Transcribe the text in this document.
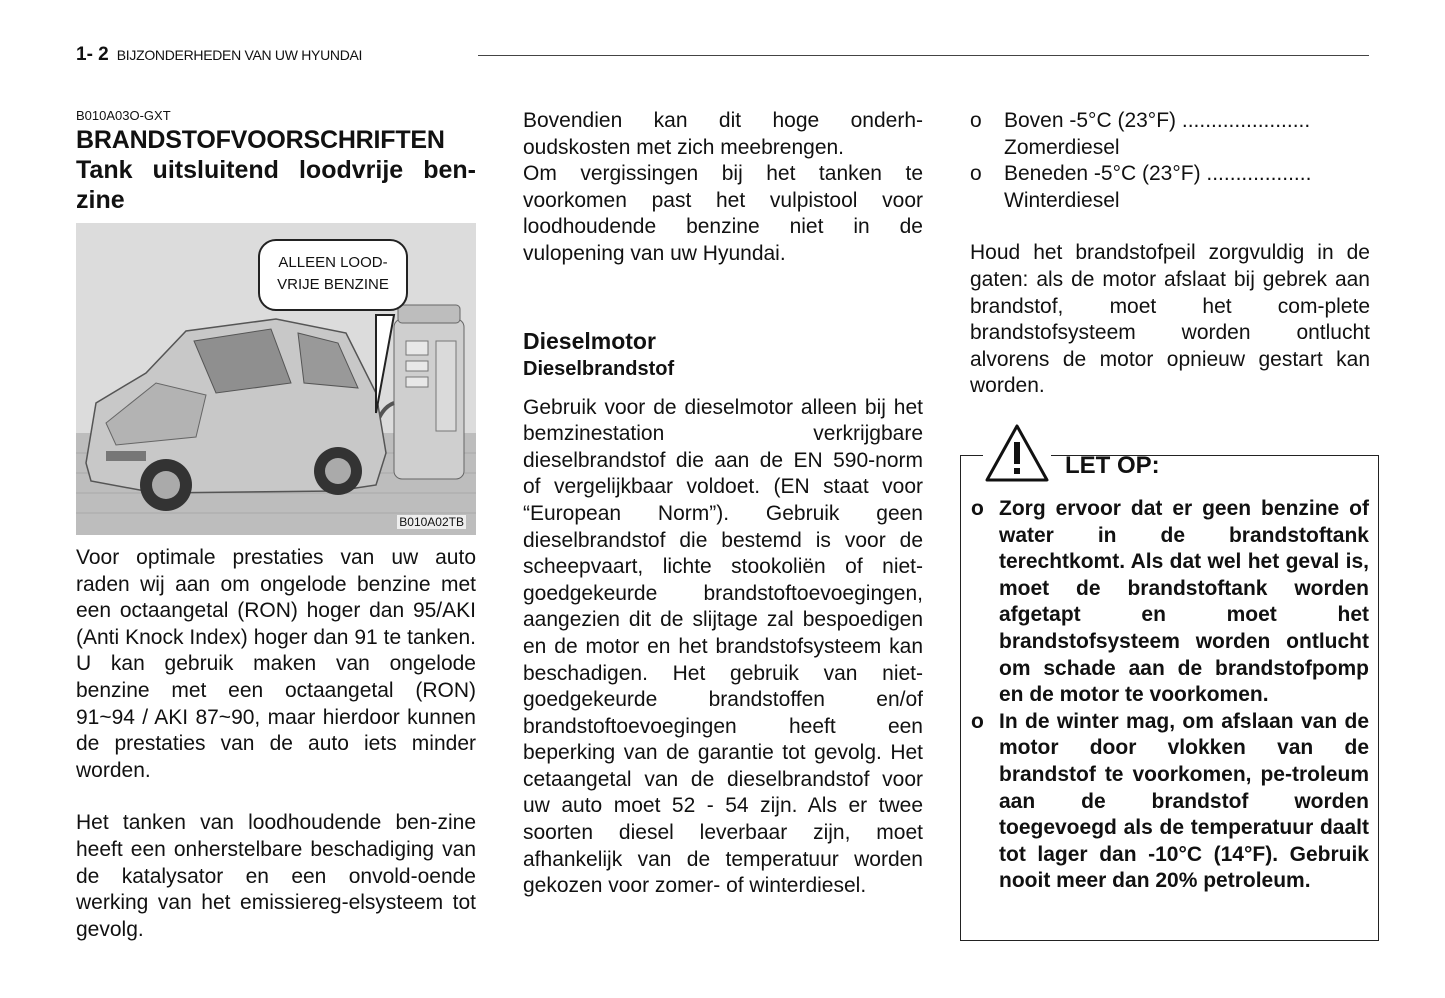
1- 2 BIJZONDERHEDEN VAN UW HYUNDAI
B010A03O-GXT
BRANDSTOFVOORSCHRIFTEN
Tank uitsluitend loodvrije ben-zine
ALLEEN LOOD-
VRIJE BENZINE
B010A02TB

Voor optimale prestaties van uw auto raden wij aan om ongelode benzine met een octaangetal (RON) hoger dan 95/AKI (Anti Knock Index) hoger dan 91 te tanken. U kan gebruik maken van ongelode benzine met een octaangetal (RON) 91~94 / AKI 87~90, maar hierdoor kunnen de prestaties van de auto iets minder worden.

Het tanken van loodhoudende ben-zine heeft een onherstelbare beschadiging van de katalysator en een onvold-oende werking van het emissiereg-elsysteem tot gevolg.

Bovendien kan dit hoge onderh-oudskosten met zich meebrengen.

Om vergissingen bij het tanken te voorkomen past het vulpistool voor loodhoudende benzine niet in de vulopening van uw Hyundai.

Dieselmotor
Dieselbrandstof

Gebruik voor de dieselmotor alleen bij het bemzinestation verkrijgbare dieselbrandstof die aan de EN 590-norm of vergelijkbaar voldoet. (EN staat voor “European Norm”). Gebruik geen dieselbrandstof die bestemd is voor de scheepvaart, lichte stookoliën of niet-goedgekeurde brandstoftoevoegingen, aangezien dit de slijtage zal bespoedigen en de motor en het brandstofsysteem kan beschadigen. Het gebruik van niet-goedgekeurde brandstoffen en/of brandstoftoevoegingen heeft een beperking van de garantie tot gevolg. Het cetaangetal van de dieselbrandstof voor uw auto moet 52 - 54 zijn. Als er twee soorten diesel leverbaar zijn, moet afhankelijk van de temperatuur worden gekozen voor zomer- of winterdiesel.

o	Boven -5°C (23°F) ......................
Zomerdiesel
o	Beneden -5°C (23°F) ..................
Winterdiesel

Houd het brandstofpeil zorgvuldig in de gaten: als de motor afslaat bij gebrek aan brandstof, moet het com-plete brandstofsysteem worden ontlucht alvorens de motor opnieuw gestart kan worden.

LET OP:
o Zorg ervoor dat er geen benzine of water in de brandstoftank terechtkomt. Als dat wel het geval is, moet de brandstoftank worden afgetapt en moet het brandstofsysteem worden ontlucht om schade aan de brandstofpomp en de motor te voorkomen.
o In de winter mag, om afslaan van de motor door vlokken van de brandstof te voorkomen, pe-troleum aan de brandstof worden toegevoegd als de temperatuur daalt tot lager dan -10°C (14°F). Gebruik nooit meer dan 20% petroleum.
